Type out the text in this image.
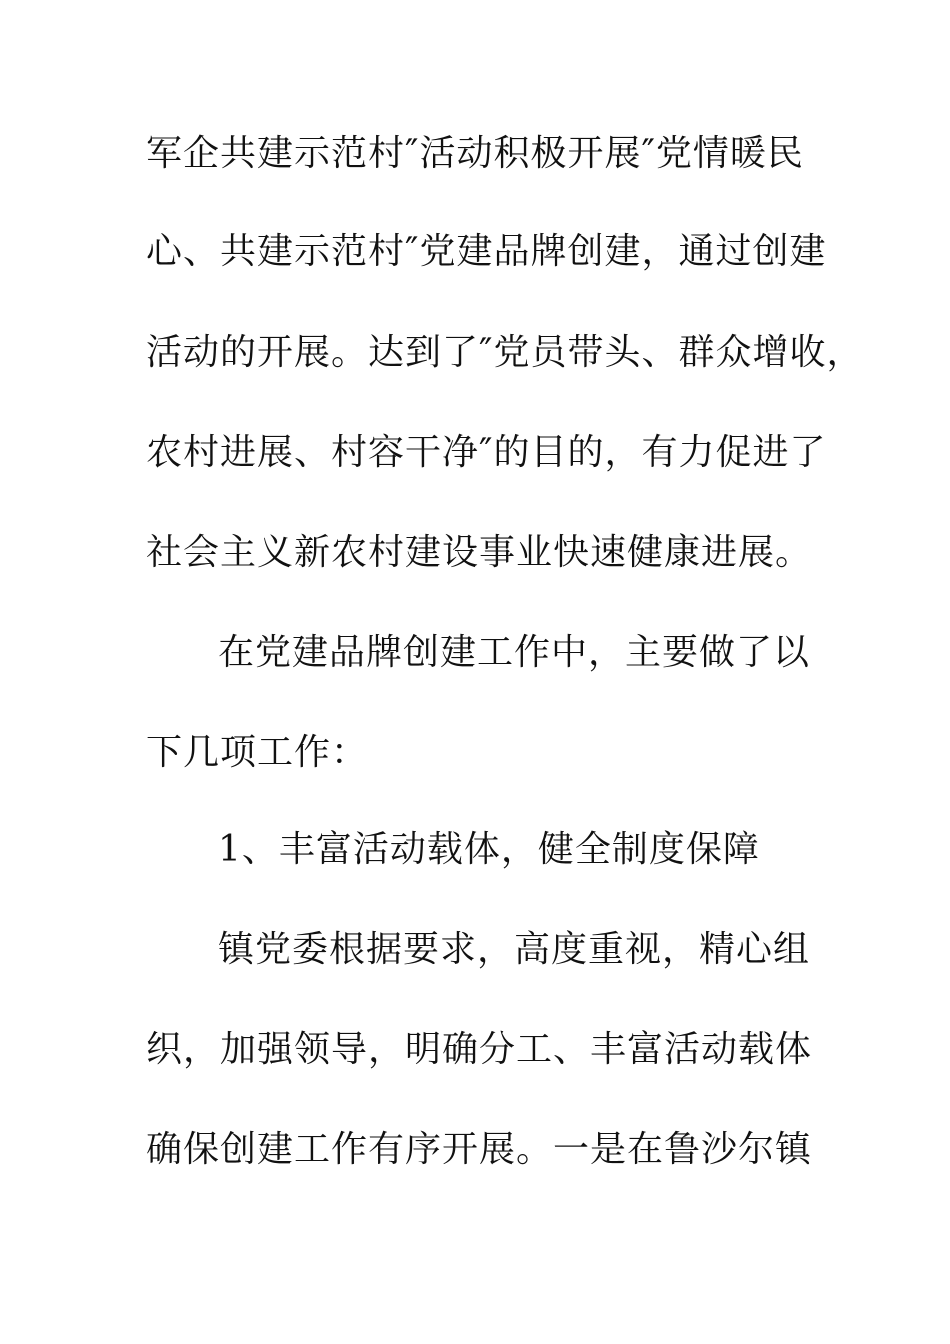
军企共建示范村″活动积极开展″党情暖民
心、共建示范村″党建品牌创建，通过创建
活动的开展。达到了″党员带头、群众增收，
农村进展、村容干净″的目的，有力促进了
社会主义新农村建设事业快速健康进展。
在党建品牌创建工作中，主要做了以
下几项工作：
1、丰富活动载体，健全制度保障
镇党委根据要求，高度重视，精心组
织，加强领导，明确分工、丰富活动载体
确保创建工作有序开展。一是在鲁沙尔镇
